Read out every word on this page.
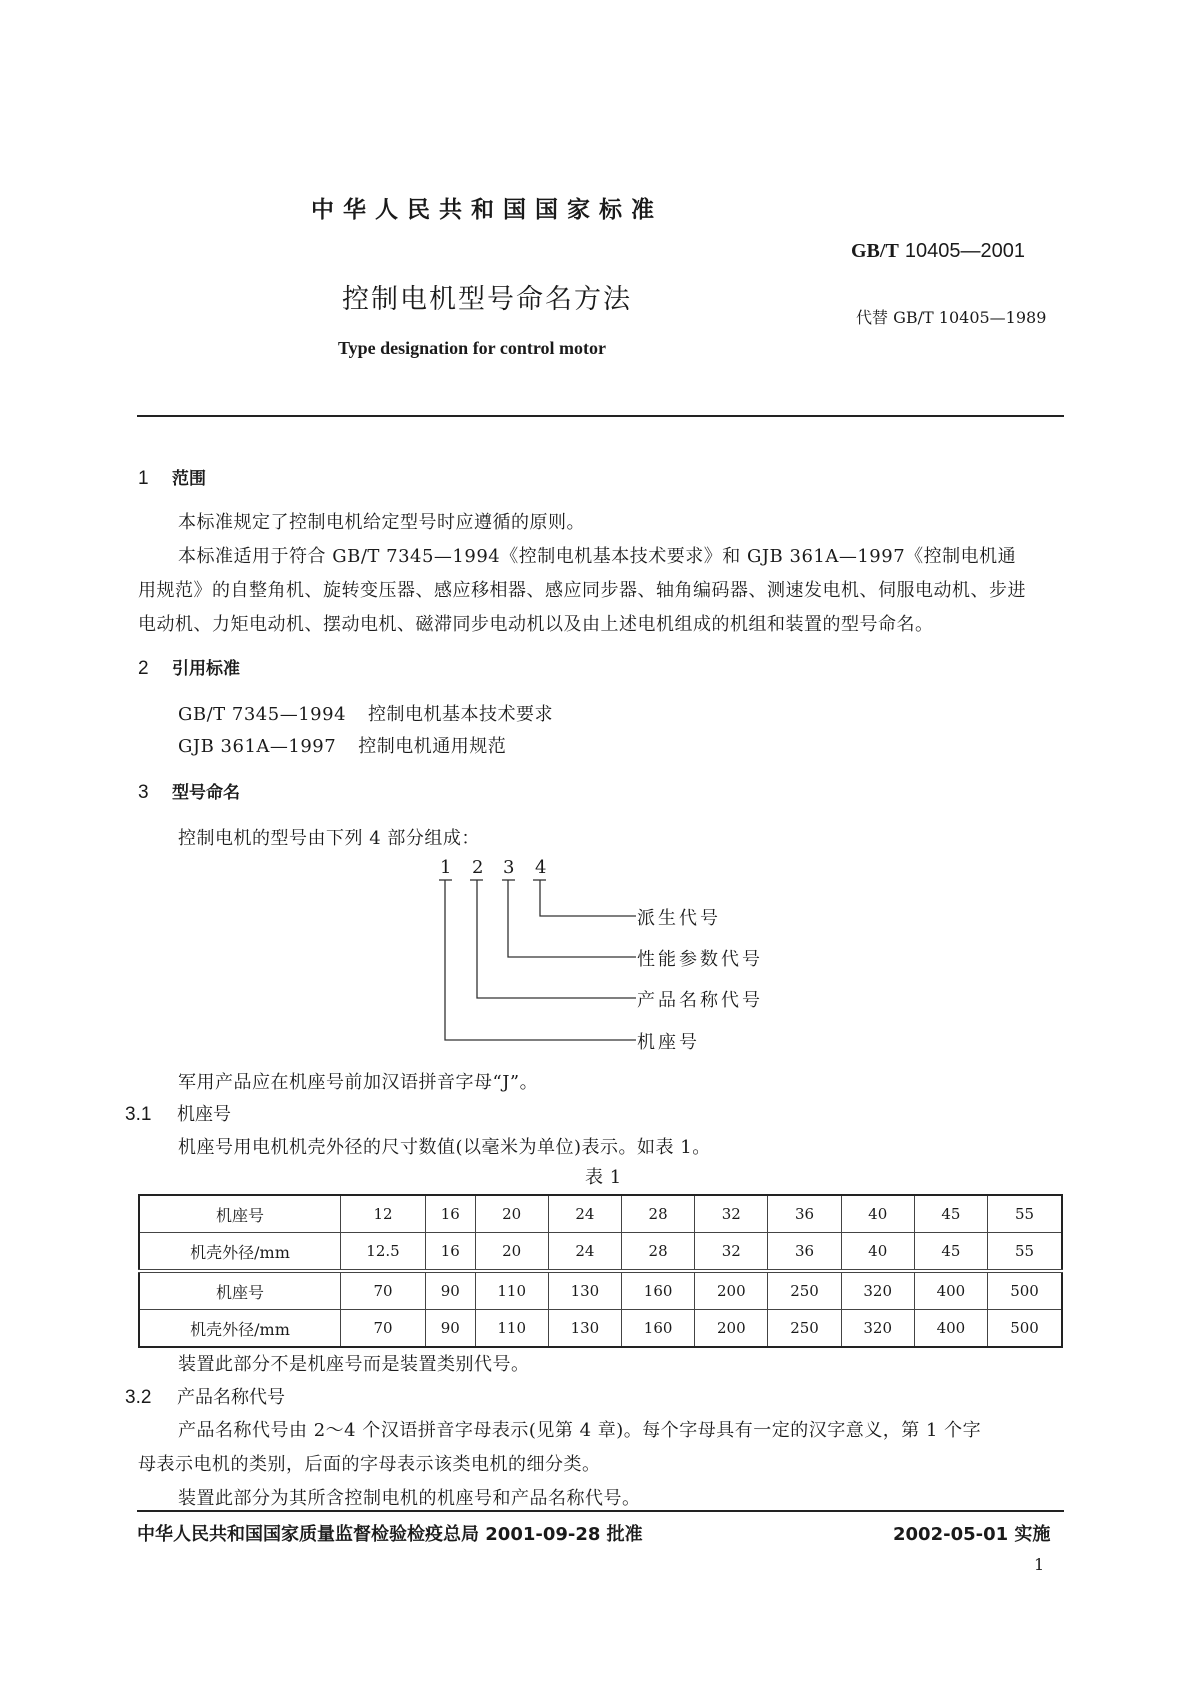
中华人民共和国国家标准
GB/T 10405—2001
控制电机型号命名方法
代替 GB/T 10405—1989
Type designation for control motor
1 范围
本标准规定了控制电机给定型号时应遵循的原则。
本标准适用于符合 GB/T 7345—1994《控制电机基本技术要求》和 GJB 361A—1997《控制电机通
用规范》的自整角机、旋转变压器、感应移相器、感应同步器、轴角编码器、测速发电机、伺服电动机、步进
电动机、力矩电动机、摆动电机、磁滞同步电动机以及由上述电机组成的机组和装置的型号命名。
2 引用标准
GB/T 7345—1994 控制电机基本技术要求
GJB 361A—1997 控制电机通用规范
3 型号命名
控制电机的型号由下列 4 部分组成：
1 2 3 4
派生代号
性能参数代号
产品名称代号
机座号
军用产品应在机座号前加汉语拼音字母“J”。
3.1 机座号
机座号用电机机壳外径的尺寸数值(以毫米为单位)表示。如表 1。
表 1
机座号	12	16	20	24	28	32	36	40	45	55
机壳外径/mm	12.5	16	20	24	28	32	36	40	45	55
机座号	70	90	110	130	160	200	250	320	400	500
机壳外径/mm	70	90	110	130	160	200	250	320	400	500
装置此部分不是机座号而是装置类别代号。
3.2 产品名称代号
产品名称代号由 2～4 个汉语拼音字母表示(见第 4 章)。每个字母具有一定的汉字意义，第 1 个字
母表示电机的类别，后面的字母表示该类电机的细分类。
装置此部分为其所含控制电机的机座号和产品名称代号。
中华人民共和国国家质量监督检验检疫总局 2001-09-28 批准	2002-05-01 实施
1
